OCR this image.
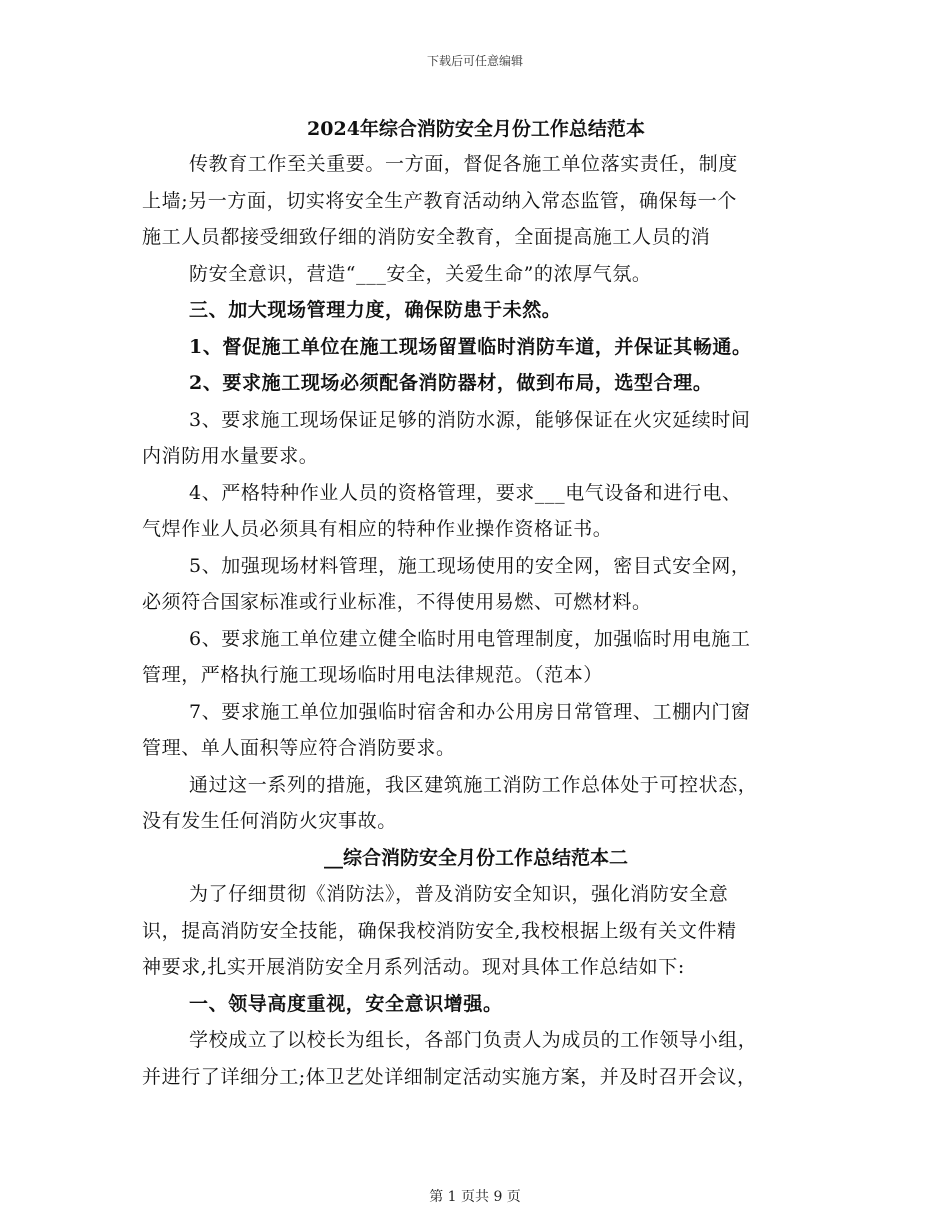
下载后可任意编辑

2024年综合消防安全月份工作总结范本

传教育工作至关重要。一方面，督促各施工单位落实责任，制度

上墙;另一方面，切实将安全生产教育活动纳入常态监管，确保每一个

施工人员都接受细致仔细的消防安全教育，全面提高施工人员的消

防安全意识，营造“___安全，关爱生命”的浓厚气氛。

三、加大现场管理力度，确保防患于未然。

1、督促施工单位在施工现场留置临时消防车道，并保证其畅通。

2、要求施工现场必须配备消防器材，做到布局，选型合理。

3、要求施工现场保证足够的消防水源，能够保证在火灾延续时间

内消防用水量要求。

4、严格特种作业人员的资格管理，要求___电气设备和进行电、

气焊作业人员必须具有相应的特种作业操作资格证书。

5、加强现场材料管理，施工现场使用的安全网，密目式安全网，

必须符合国家标准或行业标准，不得使用易燃、可燃材料。

6、要求施工单位建立健全临时用电管理制度，加强临时用电施工

管理，严格执行施工现场临时用电法律规范。（范本）

7、要求施工单位加强临时宿舍和办公用房日常管理、工棚内门窗

管理、单人面积等应符合消防要求。

通过这一系列的措施，我区建筑施工消防工作总体处于可控状态，

没有发生任何消防火灾事故。

__综合消防安全月份工作总结范本二

为了仔细贯彻《消防法》，普及消防安全知识，强化消防安全意

识，提高消防安全技能，确保我校消防安全,我校根据上级有关文件精

神要求,扎实开展消防安全月系列活动。现对具体工作总结如下:

一、领导高度重视，安全意识增强。

学校成立了以校长为组长，各部门负责人为成员的工作领导小组，

并进行了详细分工;体卫艺处详细制定活动实施方案，并及时召开会议，

第 1 页共 9 页
